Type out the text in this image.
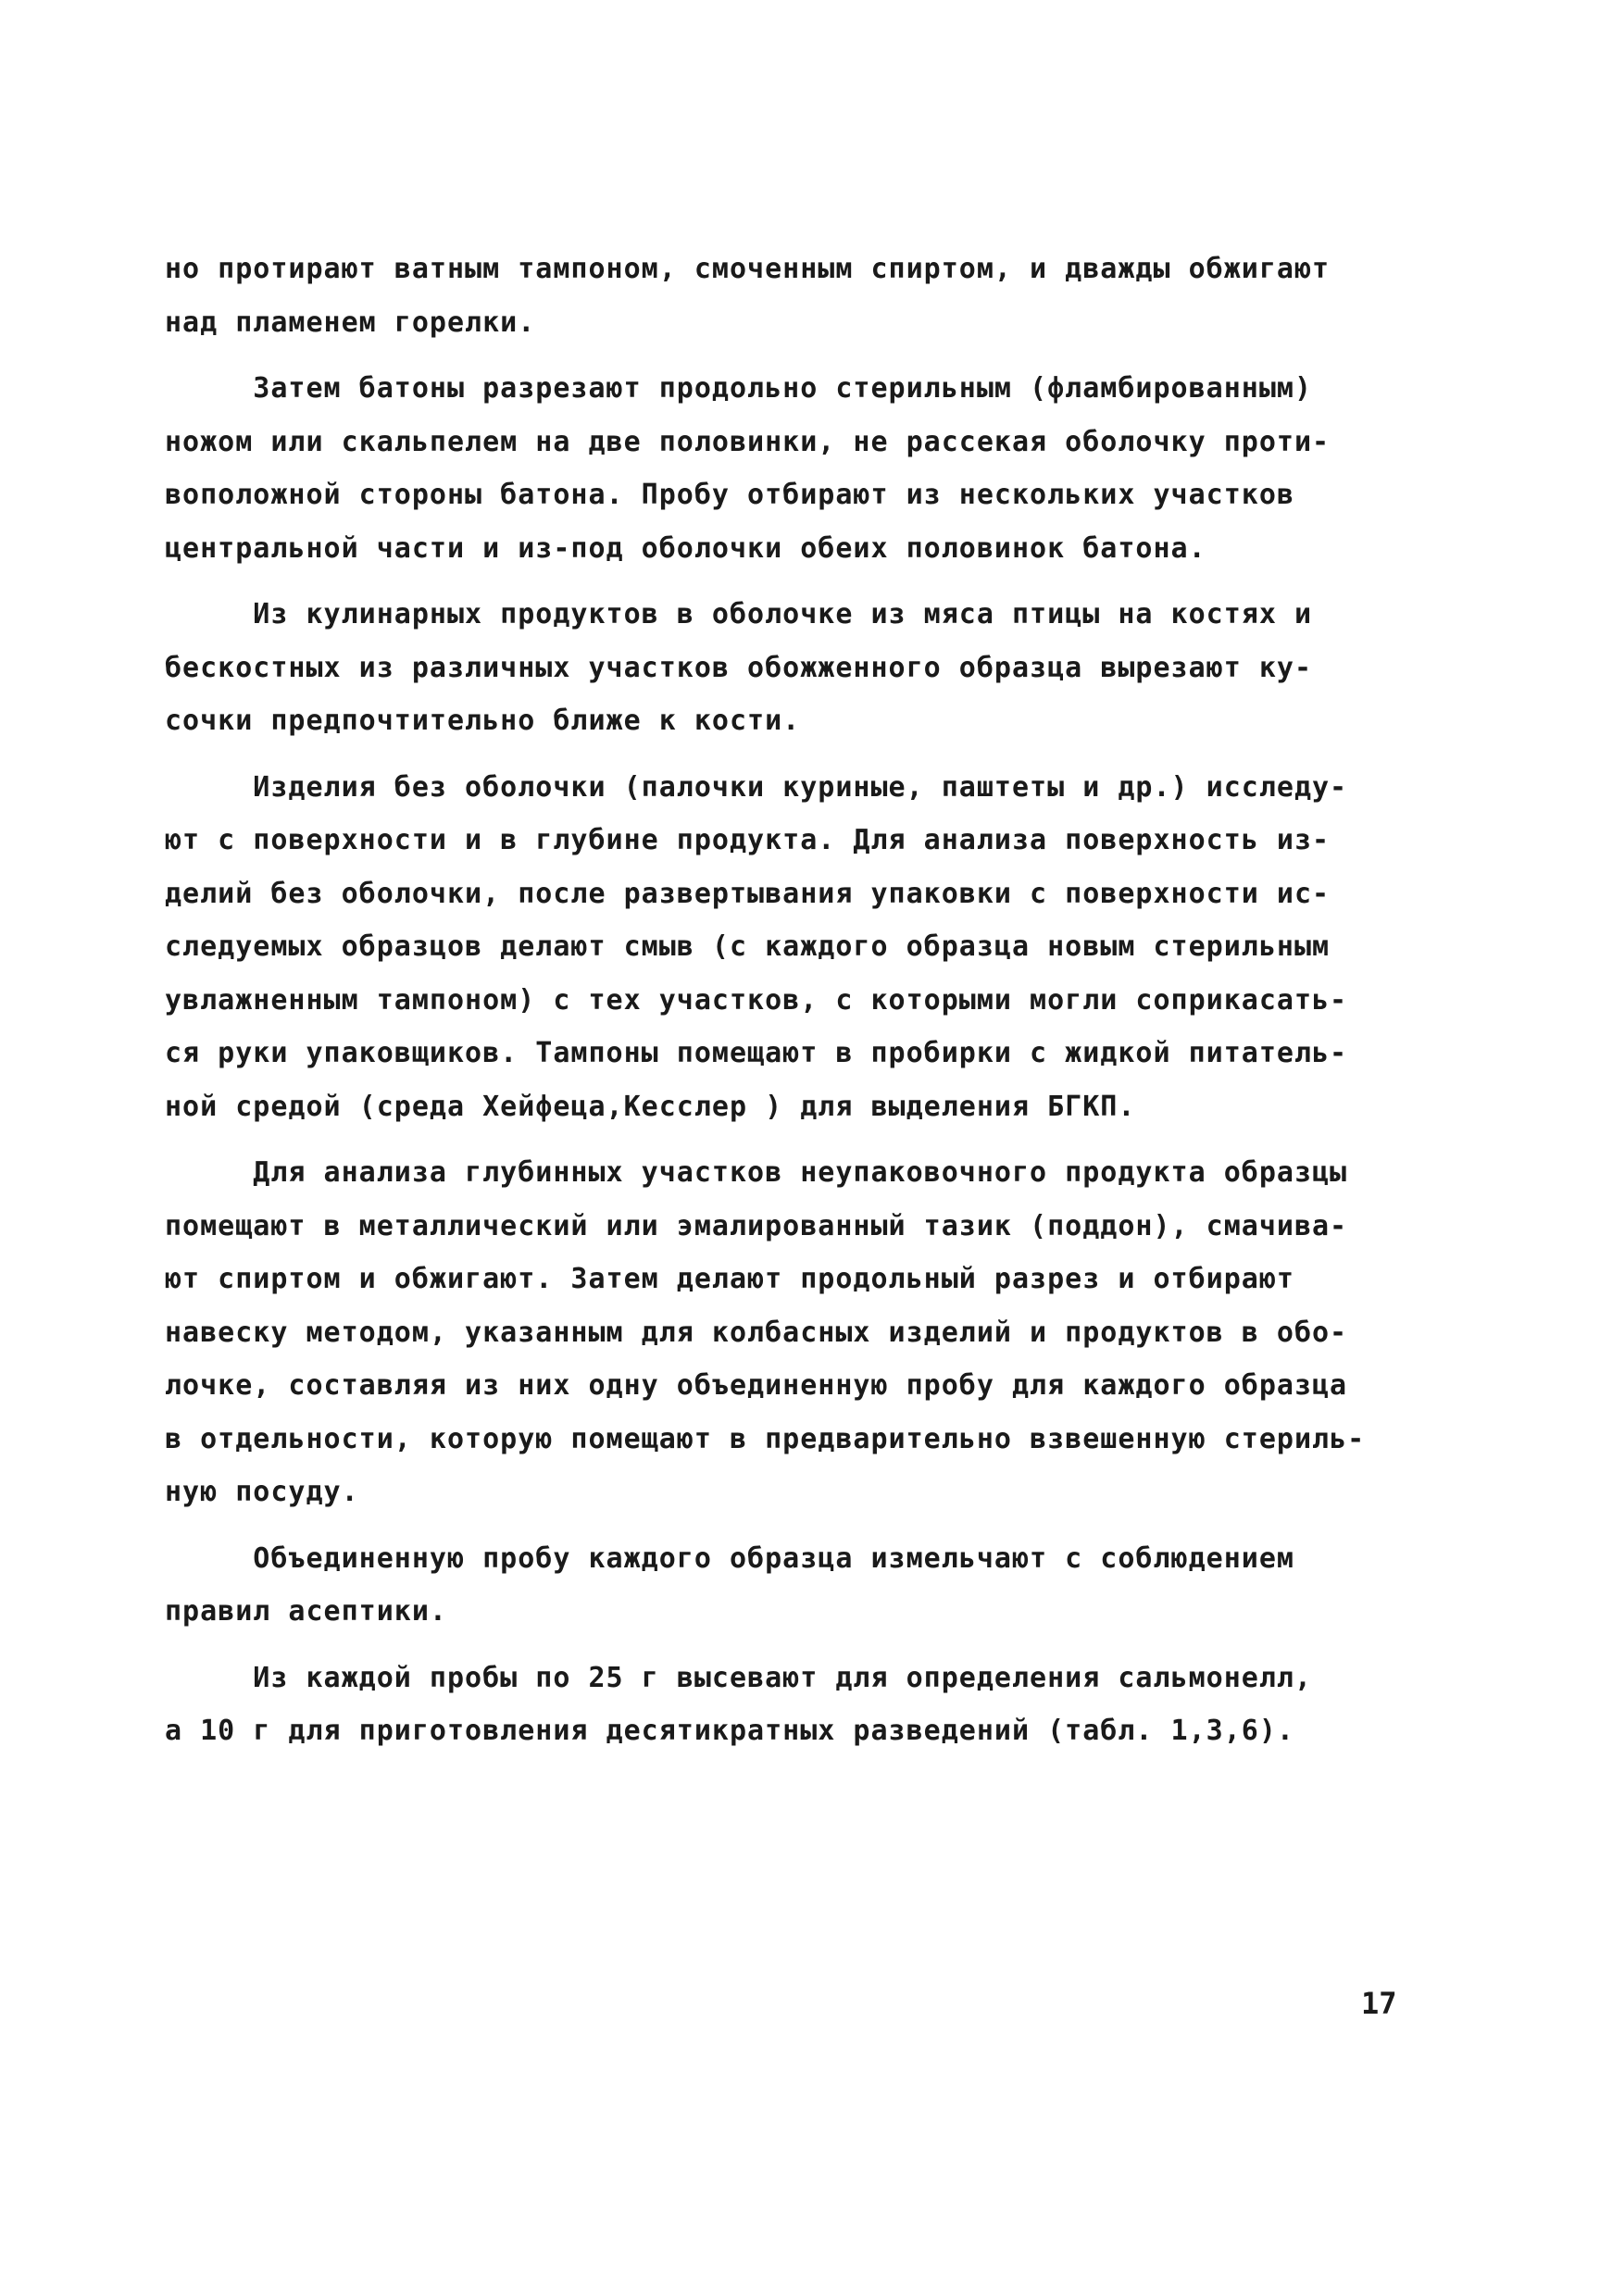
но протирают ватным тампоном, смоченным спиртом, и дважды обжигают
над пламенем горелки.
Затем батоны разрезают продольно стерильным (фламбированным)
ножом или скальпелем на две половинки, не рассекая оболочку проти-
воположной стороны батона. Пробу отбирают из нескольких участков
центральной части и из-под оболочки обеих половинок батона.
Из кулинарных продуктов в оболочке из мяса птицы на костях и
бескостных из различных участков обожженного образца вырезают ку-
сочки предпочтительно ближе к кости.
Изделия без оболочки (палочки куриные, паштеты и др.) исследу-
ют с поверхности и в глубине продукта. Для анализа поверхность из-
делий без оболочки, после развертывания упаковки с поверхности ис-
следуемых образцов делают смыв (с каждого образца новым стерильным
увлажненным тампоном) с тех участков, с которыми могли соприкасать-
ся руки упаковщиков. Тампоны помещают в пробирки с жидкой питатель-
ной средой (среда Хейфеца,Кесслер ) для выделения БГКП.
Для анализа глубинных участков неупаковочного продукта образцы
помещают в металлический или эмалированный тазик (поддон), смачива-
ют спиртом и обжигают. Затем делают продольный разрез и отбирают
навеску методом, указанным для колбасных изделий и продуктов в обо-
лочке, составляя из них одну объединенную пробу для каждого образца
в отдельности, которую помещают в предварительно взвешенную стериль-
ную посуду.
Объединенную пробу каждого образца измельчают с соблюдением
правил асептики.
Из каждой пробы по 25 г высевают для определения сальмонелл,
а 10 г для приготовления десятикратных разведений (табл. 1,3,6).
17
